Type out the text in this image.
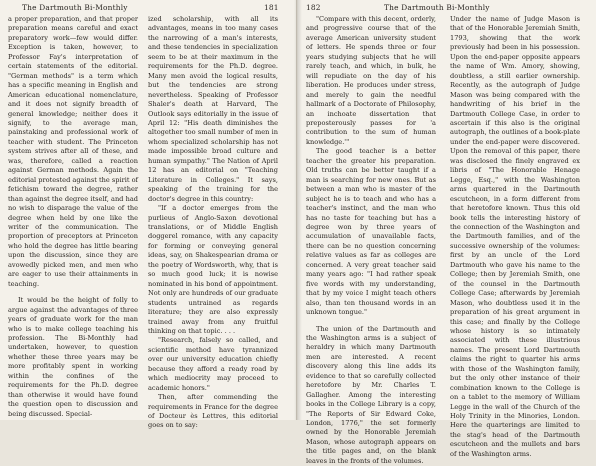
The Dartmouth Bi-Monthly	181

a proper preparation, and that proper preparation means careful and exact preparatory work—few would differ. Exception is taken, however, to Professor Fay's interpretation of certain statements of the editorial. "German methods" is a term which has a specific meaning in English and American educational nomenclature, and it does not signify breadth of general knowledge; neither does it signify, to the average man, painstaking and professional work of teacher with student. The Princeton system strives after all of these, and was, therefore, called a reaction against German methods. Again the editorial protested against the spirit of fetichism toward the degree, rather than against the degree itself, and had no wish to disparage the value of the degree when held by one like the writer of the communication. The proportion of preceptors at Princeton who hold the degree has little bearing upon the discussion, since they are avowedly picked men, and men who are eager to use their attainments in teaching.

It would be the height of folly to argue against the advantages of three years of graduate work for the man who is to make college teaching his profession. The Bi-Monthly had undertaken, however, to question whether these three years may be more profitably spent in working within the confines of the requirements for the Ph.D. degree than otherwise it would have found the question open to discussion and being discussed. Special-

ized scholarship, with all its advantages, means in too many cases the narrowing of a man's interests, and these tendencies in specialization seem to be at their maximum in the requirements for the Ph.D. degree. Many men avoid the logical results, but the tendencies are strong nevertheless. Speaking of Professor Shaler's death at Harvard, The Outlook says editorially in the issue of April 12: "His death diminishes the altogether too small number of men in whom specialized scholarship has not made impossible broad culture and human sympathy." The Nation of April 12 has an editorial on "Teaching Literature in Colleges." It says, speaking of the training for the doctor's degree in this country:

"If a doctor emerges from the purlieus of Anglo-Saxon devotional translations, or of Middle English doggerel romance, with any capacity for forming or conveying general ideas, say, on Shakespearian drama or the poetry of Wordsworth, why, that is so much good luck; it is nowise nominated in his bond of appointment. Not only are hundreds of our graduate students untrained as regards literature; they are also expressly trained away from any fruitful thinking on that topic. . . .

"Research, falsely so called, and scientific method have tyrannized over our university education chiefly because they afford a ready road by which mediocrity may proceed to academic honors."

Then, after commending the requirements in France for the degree of Docteur ès Lettres, this editorial goes on to say:

182	The Dartmouth Bi-Monthly

"Compare with this decent, orderly, and progressive course that of the average American university student of letters. He spends three or four years studying subjects that he will rarely teach, and which, in bulk, he will repudiate on the day of his liberation. He produces under stress, and merely to gain the needful hallmark of a Doctorate of Philosophy, an inchoate dissertation that preposterously passes for 'a contribution to the sum of human knowledge.'"

The good teacher is a better teacher the greater his preparation. Old truths can be better taught if a man is searching for new ones. But as between a man who is master of the subject he is to teach and who has a teacher's instinct, and the man who has no taste for teaching but has a degree won by three years of accumulation of unavailable facts, there can be no question concerning relative values as far as colleges are concerned. A very great teacher said many years ago: "I had rather speak five words with my understanding, that by my voice I might teach others also, than ten thousand words in an unknown tongue."

The union of the Dartmouth and the Washington arms is a subject of heraldry in which many Dartmouth men are interested. A recent discovery along this line adds its evidence to that so carefully collected heretofore by Mr. Charles T. Gallagher. Among the interesting books in the College Library is a copy, "The Reports of Sir Edward Coke, London, 1776," the set formerly owned by the Honorable Jeremiah Mason, whose autograph appears on the title pages and, on the blank leaves in the fronts of the volumes.

Under the name of Judge Mason is that of the Honorable Jeremiah Smith, 1793, showing that the work previously had been in his possession. Upon the end-paper opposite appears the name of Wm. Amory, showing, doubtless, a still earlier ownership. Recently, as the autograph of Judge Mason was being compared with the handwriting of his brief in the Dartmouth College Case, in order to ascertain if this also is the original autograph, the outlines of a book-plate under the end-paper were discovered. Upon the removal of this paper, there was disclosed the finely engraved ex libris of "The Honorable Henage Legge, Esq.," with the Washington arms quartered in the Dartmouth escutcheon, in a form different from that heretofore known. Thus this old book tells the interesting history of the connection of the Washington and the Dartmouth families, and of the successive ownership of the volumes: first by an uncle of the Lord Dartmouth who gave his name to the College; then by Jeremiah Smith, one of the counsel in the Dartmouth College Case; afterwards by Jeremiah Mason, who doubtless used it in the preparation of his great argument in this case; and finally by the College whose history is so intimately associated with these illustrious names. The present Lord Dartmouth claims the right to quarter his arms with those of the Washington family, but the only other instance of their combination known to the College is on a tablet to the memory of William Legge in the wall of the Church of the Holy Trinity in the Minories, London. Here the quarterings are limited to the stag's head of the Dartmouth escutcheon and the mullets and bars of the Washington arms.
